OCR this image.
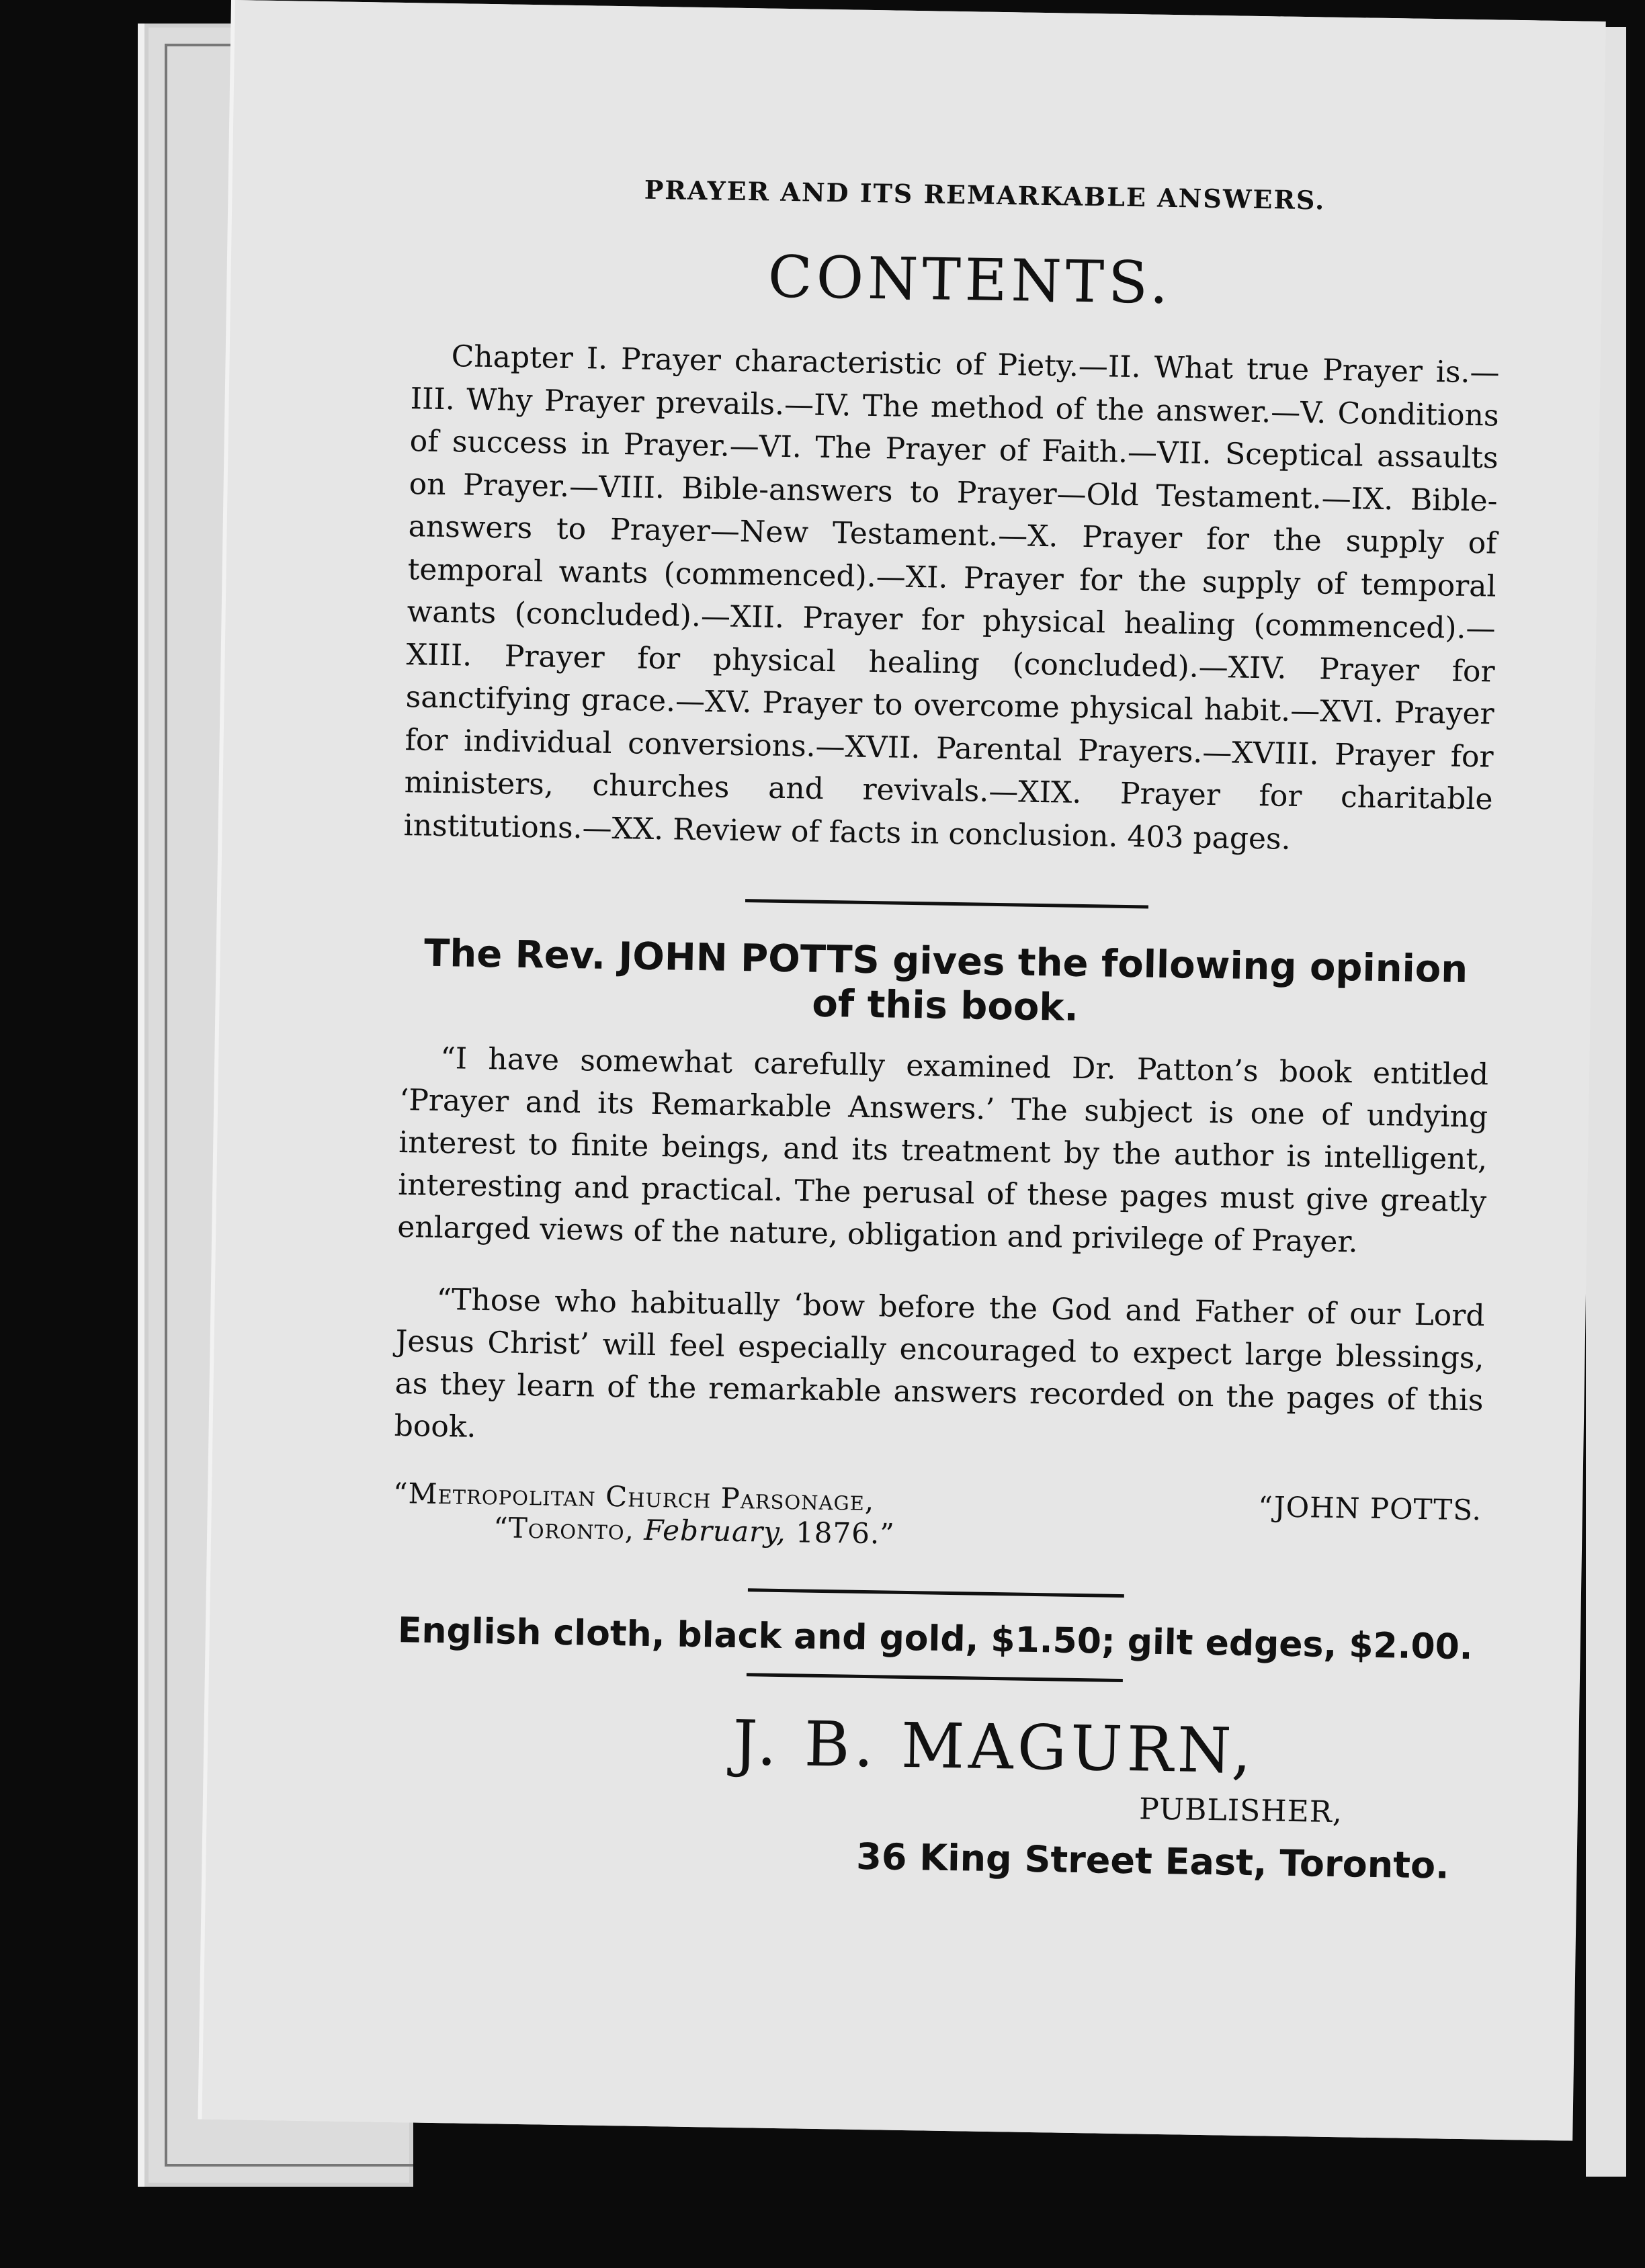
PRAYER AND ITS REMARKABLE ANSWERS.
CONTENTS.

Chapter I. Prayer characteristic of Piety.—II. What true Prayer is.—III. Why Prayer prevails.—IV. The method of the answer.—V. Conditions of success in Prayer.—VI. The Prayer of Faith.—VII. Sceptical assaults on Prayer.—VIII. Bible-answers to Prayer—Old Testament.—IX. Bible-answers to Prayer—New Testament.—X. Prayer for the supply of temporal wants (commenced).—XI. Prayer for the supply of temporal wants (concluded).—XII. Prayer for physical healing (commenced).—XIII. Prayer for physical healing (concluded).—XIV. Prayer for sanctifying grace.—XV. Prayer to overcome physical habit.—XVI. Prayer for individual conversions.—XVII. Parental Prayers.—XVIII. Prayer for ministers, churches and revivals.—XIX. Prayer for charitable institutions.—XX. Review of facts in conclusion. 403 pages.

The Rev. JOHN POTTS gives the following opinion of this book.

“I have somewhat carefully examined Dr. Patton’s book entitled ‘Prayer and its Remarkable Answers.’ The subject is one of undying interest to finite beings, and its treatment by the author is intelligent, interesting and practical. The perusal of these pages must give greatly enlarged views of the nature, obligation and privilege of Prayer.

“Those who habitually ‘bow before the God and Father of our Lord Jesus Christ’ will feel especially encouraged to expect large blessings, as they learn of the remarkable answers recorded on the pages of this book.

“Metropolitan Church Parsonage,	“JOHN POTTS.
“Toronto, February, 1876.”
English cloth, black and gold, $1.50; gilt edges, $2.00.
J. B. MAGURN,
PUBLISHER,
36 King Street East, Toronto.
